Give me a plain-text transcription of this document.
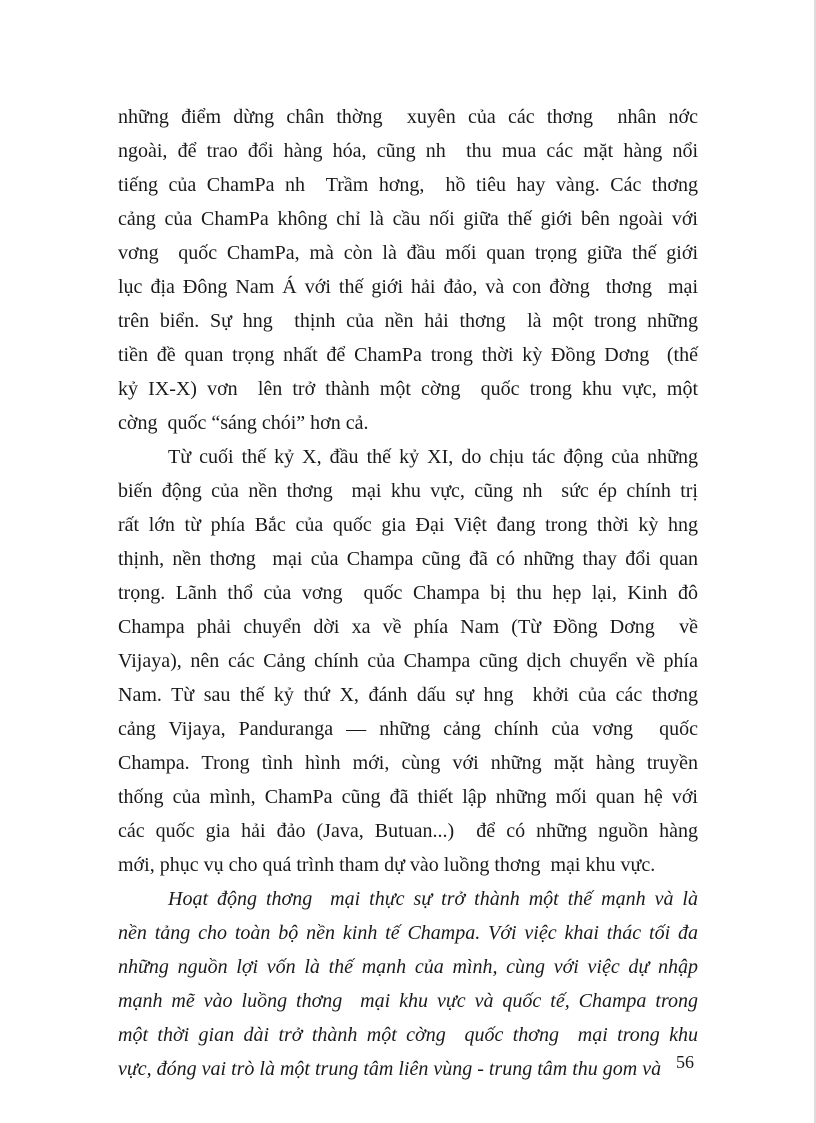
những điểm dừng chân thờng  xuyên của các thơng  nhân nớc
ngoài, để trao đổi hàng hóa, cũng nh  thu mua các mặt hàng nổi
tiếng của ChamPa nh  Trầm hơng,  hồ tiêu hay vàng. Các thơng
cảng của ChamPa không chỉ là cầu nối giữa thế giới bên ngoài với
vơng  quốc ChamPa, mà còn là đầu mối quan trọng giữa thế giới
lục địa Đông Nam Á với thế giới hải đảo, và con đờng  thơng  mại
trên biển. Sự hng  thịnh của nền hải thơng  là một trong những
tiền đề quan trọng nhất để ChamPa trong thời kỳ Đồng Dơng  (thế
kỷ IX-X) vơn  lên trở thành một cờng  quốc trong khu vực, một
cờng  quốc “sáng chói” hơn cả.

Từ cuối thế kỷ X, đầu thế kỷ XI, do chịu tác động của những
biến động của nền thơng  mại khu vực, cũng nh  sức ép chính trị
rất lớn từ phía Bắc của quốc gia Đại Việt đang trong thời kỳ hng
thịnh, nền thơng  mại của Champa cũng đã có những thay đổi quan
trọng. Lãnh thổ của vơng  quốc Champa bị thu hẹp lại, Kinh đô
Champa phải chuyển dời xa về phía Nam (Từ Đồng Dơng  về
Vijaya), nên các Cảng chính của Champa cũng dịch chuyển về phía
Nam. Từ sau thế kỷ thứ X, đánh dấu sự hng  khởi của các thơng
cảng Vijaya, Panduranga — những cảng chính của vơng  quốc
Champa. Trong tình hình mới, cùng với những mặt hàng truyền
thống của mình, ChamPa cũng đã thiết lập những mối quan hệ với
các quốc gia hải đảo (Java, Butuan...)  để có những nguồn hàng
mới, phục vụ cho quá trình tham dự vào luồng thơng  mại khu vực.

Hoạt động thơng  mại thực sự trở thành một thế mạnh và là
nền tảng cho toàn bộ nền kinh tế Champa. Với việc khai thác tối đa
những nguồn lợi vốn là thế mạnh của mình, cùng với việc dự nhập
mạnh mẽ vào luồng thơng  mại khu vực và quốc tế, Champa trong
một thời gian dài trở thành một cờng  quốc thơng  mại trong khu
vực, đóng vai trò là một trung tâm liên vùng - trung tâm thu gom và 56
